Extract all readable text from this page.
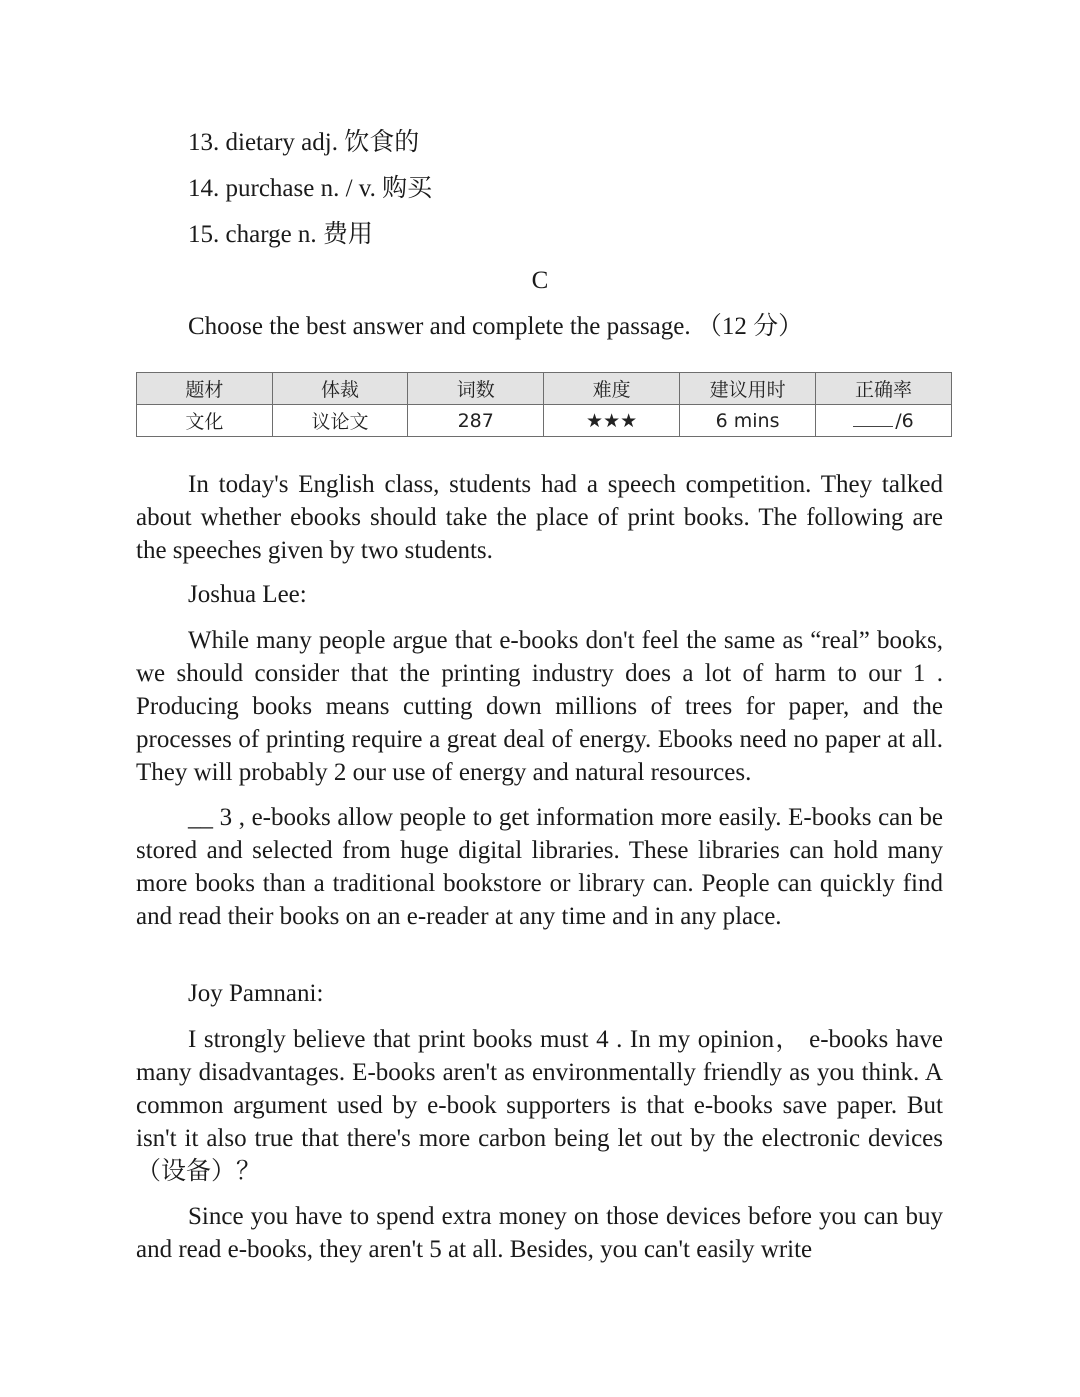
13. dietary adj. 饮食的
14. purchase n. / v. 购买
15. charge n. 费用
C
Choose the best answer and complete the passage. （12 分）
题材	体裁	词数	难度	建议用时	正确率
文化	议论文	287	★★★	6 mins	/6
In today's English class, students had a speech competition. They talked about whether ebooks should take the place of print books. The following are the speeches given by two students.
Joshua Lee:
While many people argue that e-books don't feel the same as “real” books, we should consider that the printing industry does a lot of harm to our 1 . Producing books means cutting down millions of trees for paper, and the processes of printing require a great deal of energy. Ebooks need no paper at all. They will probably 2 our use of energy and natural resources.
__ 3 , e-books allow people to get information more easily. E-books can be stored and selected from huge digital libraries. These libraries can hold many more books than a traditional bookstore or library can. People can quickly find and read their books on an e-reader at any time and in any place.
Joy Pamnani:
I strongly believe that print books must 4 . In my opinion， e-books have many disadvantages. E-books aren't as environmentally friendly as you think. A common argument used by e-book supporters is that e-books save paper. But isn't it also true that there's more carbon being let out by the electronic devices （设备）？
Since you have to spend extra money on those devices before you can buy and read e-books, they aren't 5 at all. Besides, you can't easily write
